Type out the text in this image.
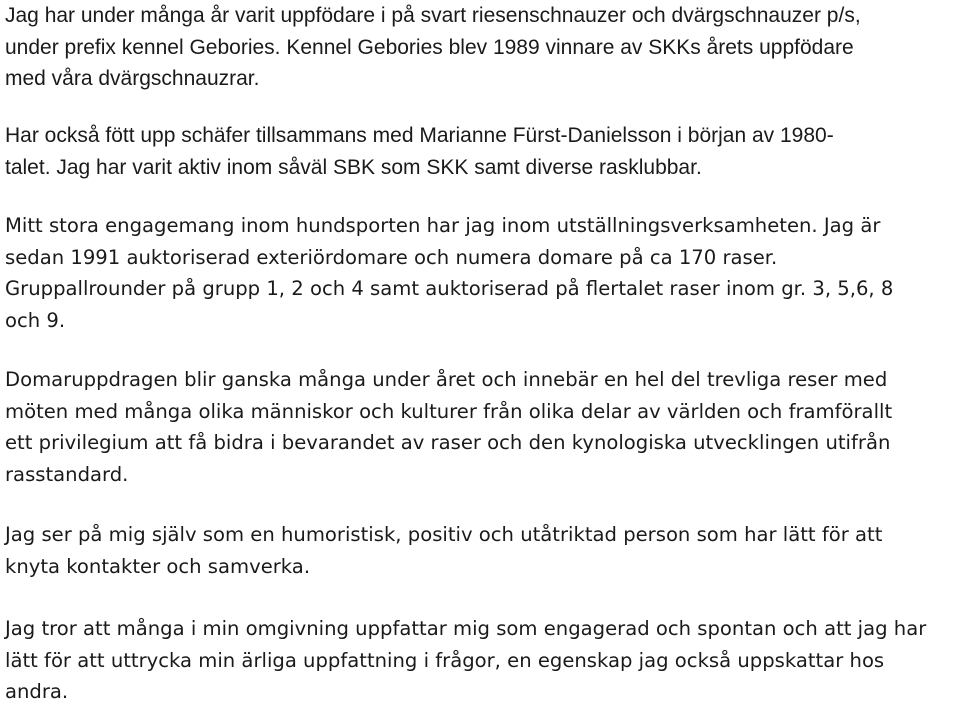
Jag har under många år varit uppfödare i på svart riesenschnauzer och dvärgschnauzer p/s,
under prefix kennel Gebories. Kennel Gebories blev 1989 vinnare av SKKs årets uppfödare
med våra dvärgschnauzrar.

Har också fött upp schäfer tillsammans med Marianne Fürst-Danielsson i början av 1980-
talet. Jag har varit aktiv inom såväl SBK som SKK samt diverse rasklubbar.

Mitt stora engagemang inom hundsporten har jag inom utställningsverksamheten. Jag är
sedan 1991 auktoriserad exteriördomare och numera domare på ca 170 raser.
Gruppallrounder på grupp 1, 2 och 4 samt auktoriserad på flertalet raser inom gr. 3, 5,6, 8
och 9.

Domaruppdragen blir ganska många under året och innebär en hel del trevliga reser med
möten med många olika människor och kulturer från olika delar av världen och framförallt
ett privilegium att få bidra i bevarandet av raser och den kynologiska utvecklingen utifrån
rasstandard.

Jag ser på mig själv som en humoristisk, positiv och utåtriktad person som har lätt för att
knyta kontakter och samverka.

Jag tror att många i min omgivning uppfattar mig som engagerad och spontan och att jag har
lätt för att uttrycka min ärliga uppfattning i frågor, en egenskap jag också uppskattar hos
andra.
